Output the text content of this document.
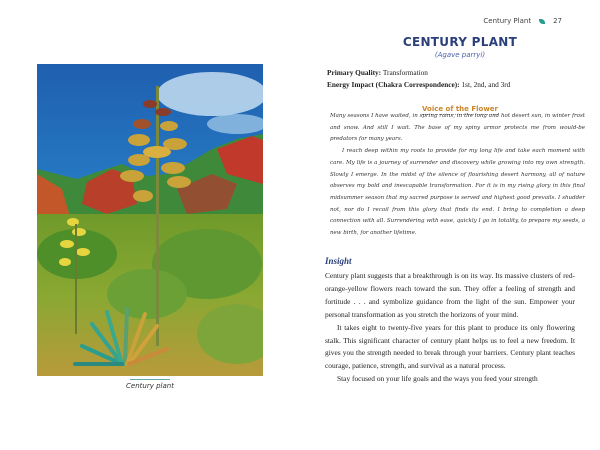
Century plant
Century Plant	27
CENTURY PLANT
(Agave parryi)
Primary Quality: Transformation
Energy Impact (Chakra Correspondence): 1st, 2nd, and 3rd
Voice of the Flower

Many seasons I have waited, in spring rains, in the long and hot desert sun, in winter frost and snow. And still I wait. The base of my spiny armor protects me from would-be predators for many years.

I reach deep within my roots to provide for my long life and take each moment with care. My life is a journey of surrender and discovery while growing into my own strength. Slowly I emerge. In the midst of the silence of flourishing desert harmony, all of nature observes my bold and inescapable transformation. For it is in my rising glory in this final midsummer season that my sacred purpose is served and highest good prevails. I shudder not, nor do I recoil from this glory that finds its end. I bring to completion a deep connection with all. Surrendering with ease, quickly I go in totality, to prepare my seeds, a new birth, for another lifetime.

Insight

Century plant suggests that a breakthrough is on its way. Its massive clusters of red-orange-yellow flowers reach toward the sun. They offer a feeling of strength and fortitude . . . and symbolize guidance from the light of the sun. Empower your personal transformation as you stretch the horizons of your mind.

It takes eight to twenty-five years for this plant to produce its only flowering stalk. This significant character of century plant helps us to feel a new freedom. It gives you the strength needed to break through your barriers. Century plant teaches courage, patience, strength, and survival as a natural process.

Stay focused on your life goals and the ways you feed your strength
